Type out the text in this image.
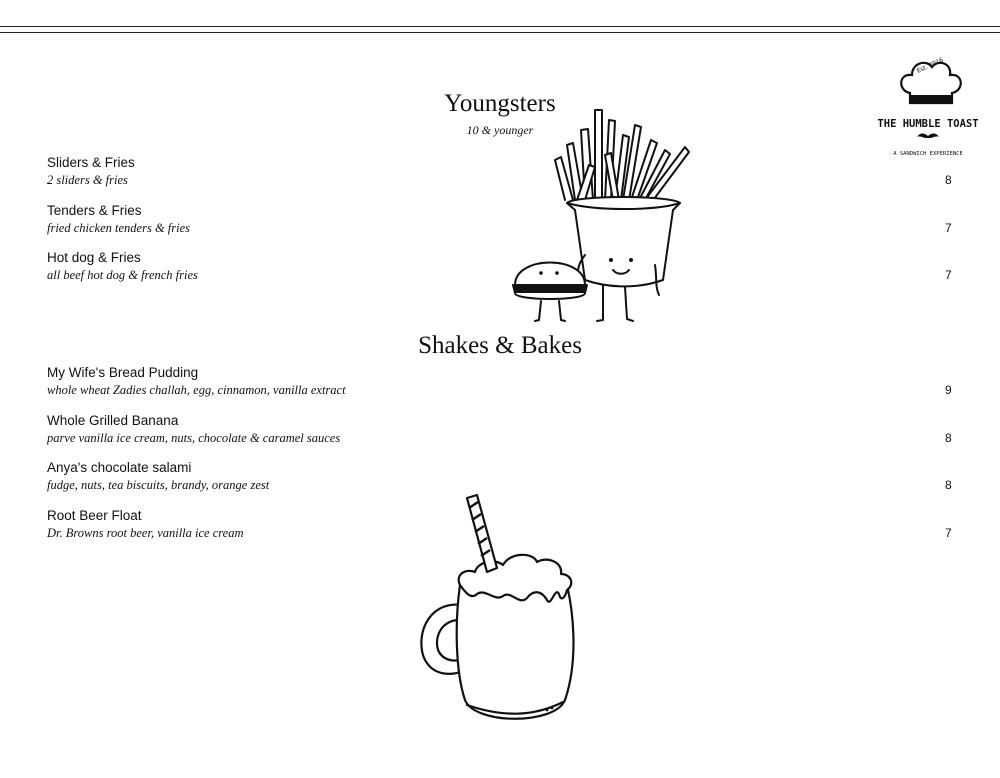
Est. 2016
THE HUMBLE TOAST
A SANDWICH EXPERIENCE
Youngsters
10 & younger
Sliders & Fries
2 sliders & fries	8
Tenders & Fries
fried chicken tenders & fries	7
Hot dog & Fries
all beef hot dog & french fries	7
Shakes & Bakes
My Wife's Bread Pudding
whole wheat Zadies challah, egg, cinnamon, vanilla extract	9
Whole Grilled Banana
parve vanilla ice cream, nuts, chocolate & caramel sauces	8
Anya's chocolate salami
fudge, nuts, tea biscuits, brandy, orange zest	8
Root Beer Float
Dr. Browns root beer, vanilla ice cream	7
